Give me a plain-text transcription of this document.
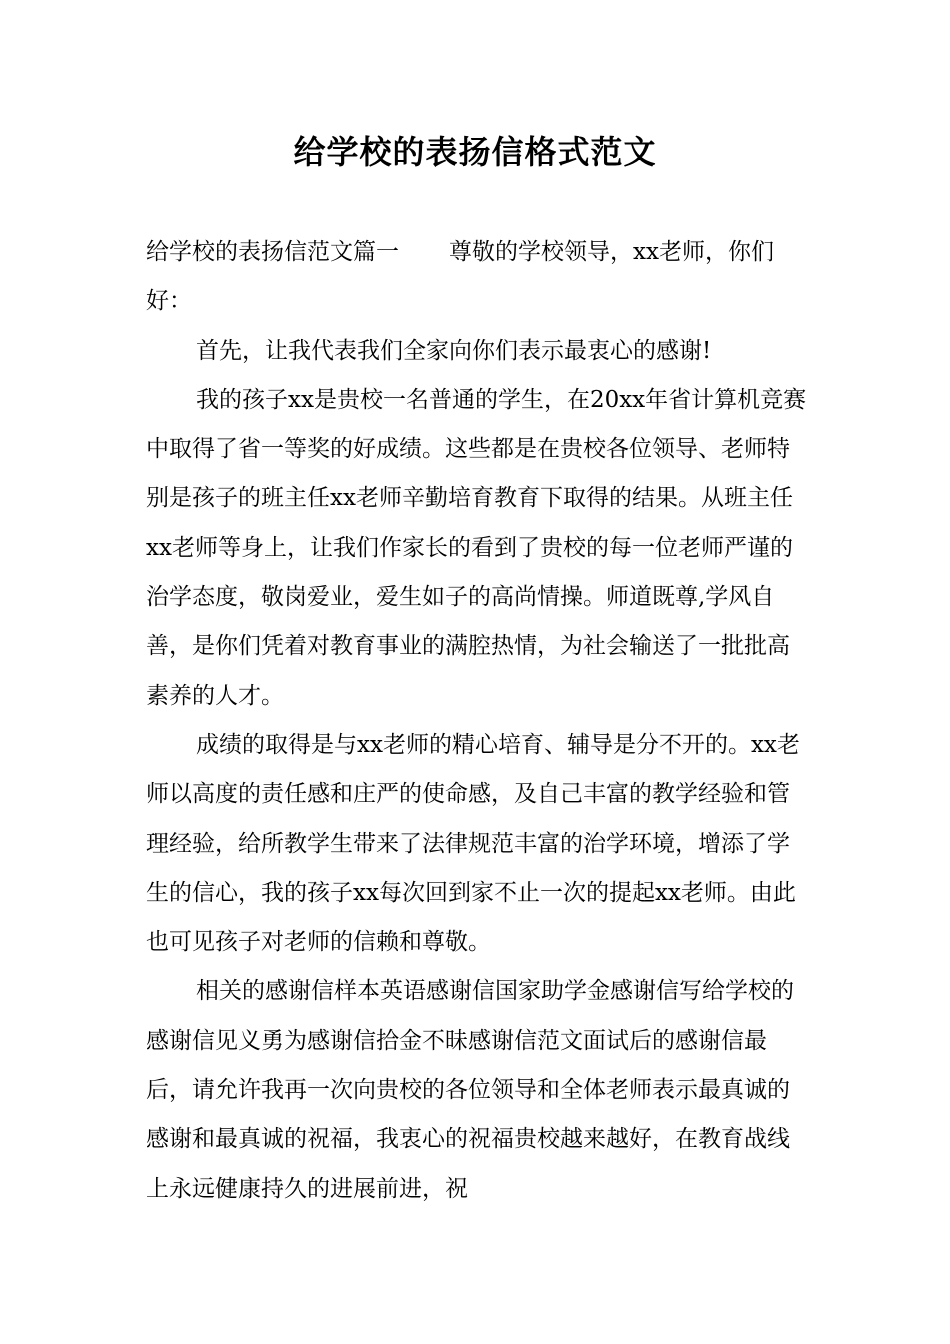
给学校的表扬信格式范文

给学校的表扬信范文篇一 尊敬的学校领导，xx老师，你们好：

首先，让我代表我们全家向你们表示最衷心的感谢!

我的孩子xx是贵校一名普通的学生，在20xx年省计算机竞赛中取得了省一等奖的好成绩。这些都是在贵校各位领导、老师特别是孩子的班主任xx老师辛勤培育教育下取得的结果。从班主任xx老师等身上，让我们作家长的看到了贵校的每一位老师严谨的治学态度，敬岗爱业，爱生如子的高尚情操。师道既尊,学风自善，是你们凭着对教育事业的满腔热情，为社会输送了一批批高素养的人才。

成绩的取得是与xx老师的精心培育、辅导是分不开的。xx老师以高度的责任感和庄严的使命感，及自己丰富的教学经验和管理经验，给所教学生带来了法律规范丰富的治学环境，增添了学生的信心，我的孩子xx每次回到家不止一次的提起xx老师。由此也可见孩子对老师的信赖和尊敬。

相关的感谢信样本英语感谢信国家助学金感谢信写给学校的感谢信见义勇为感谢信拾金不昧感谢信范文面试后的感谢信最后，请允许我再一次向贵校的各位领导和全体老师表示最真诚的感谢和最真诚的祝福，我衷心的祝福贵校越来越好，在教育战线上永远健康持久的进展前进，祝
